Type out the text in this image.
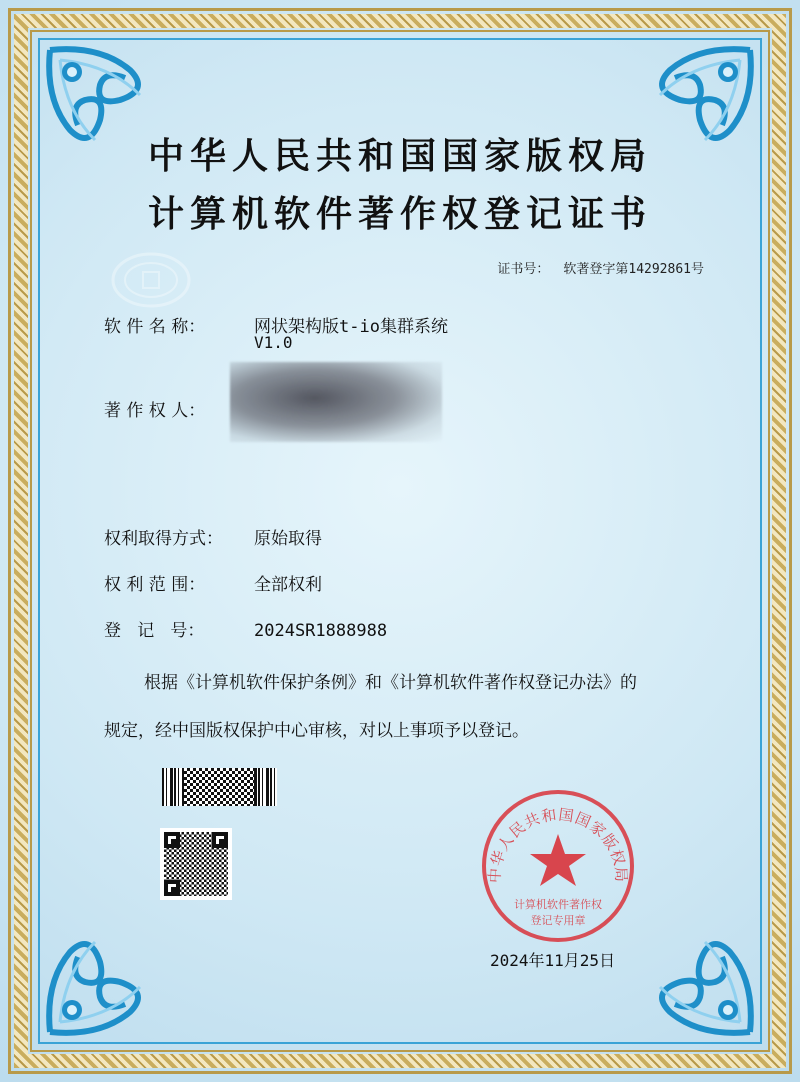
中华人民共和国国家版权局
计算机软件著作权登记证书
证书号： 软著登字第14292861号
软 件 名 称：	网状架构版t-io集群系统
V1.0
著 作 权 人：
权利取得方式： 原始取得
权 利 范 围：	全部权利
登   记   号：	2024SR1888988
根据《计算机软件保护条例》和《计算机软件著作权登记办法》的
规定，经中国版权保护中心审核，对以上事项予以登记。
中华人民共和国国家版权局
计算机软件著作权
登记专用章
2024年11月25日
